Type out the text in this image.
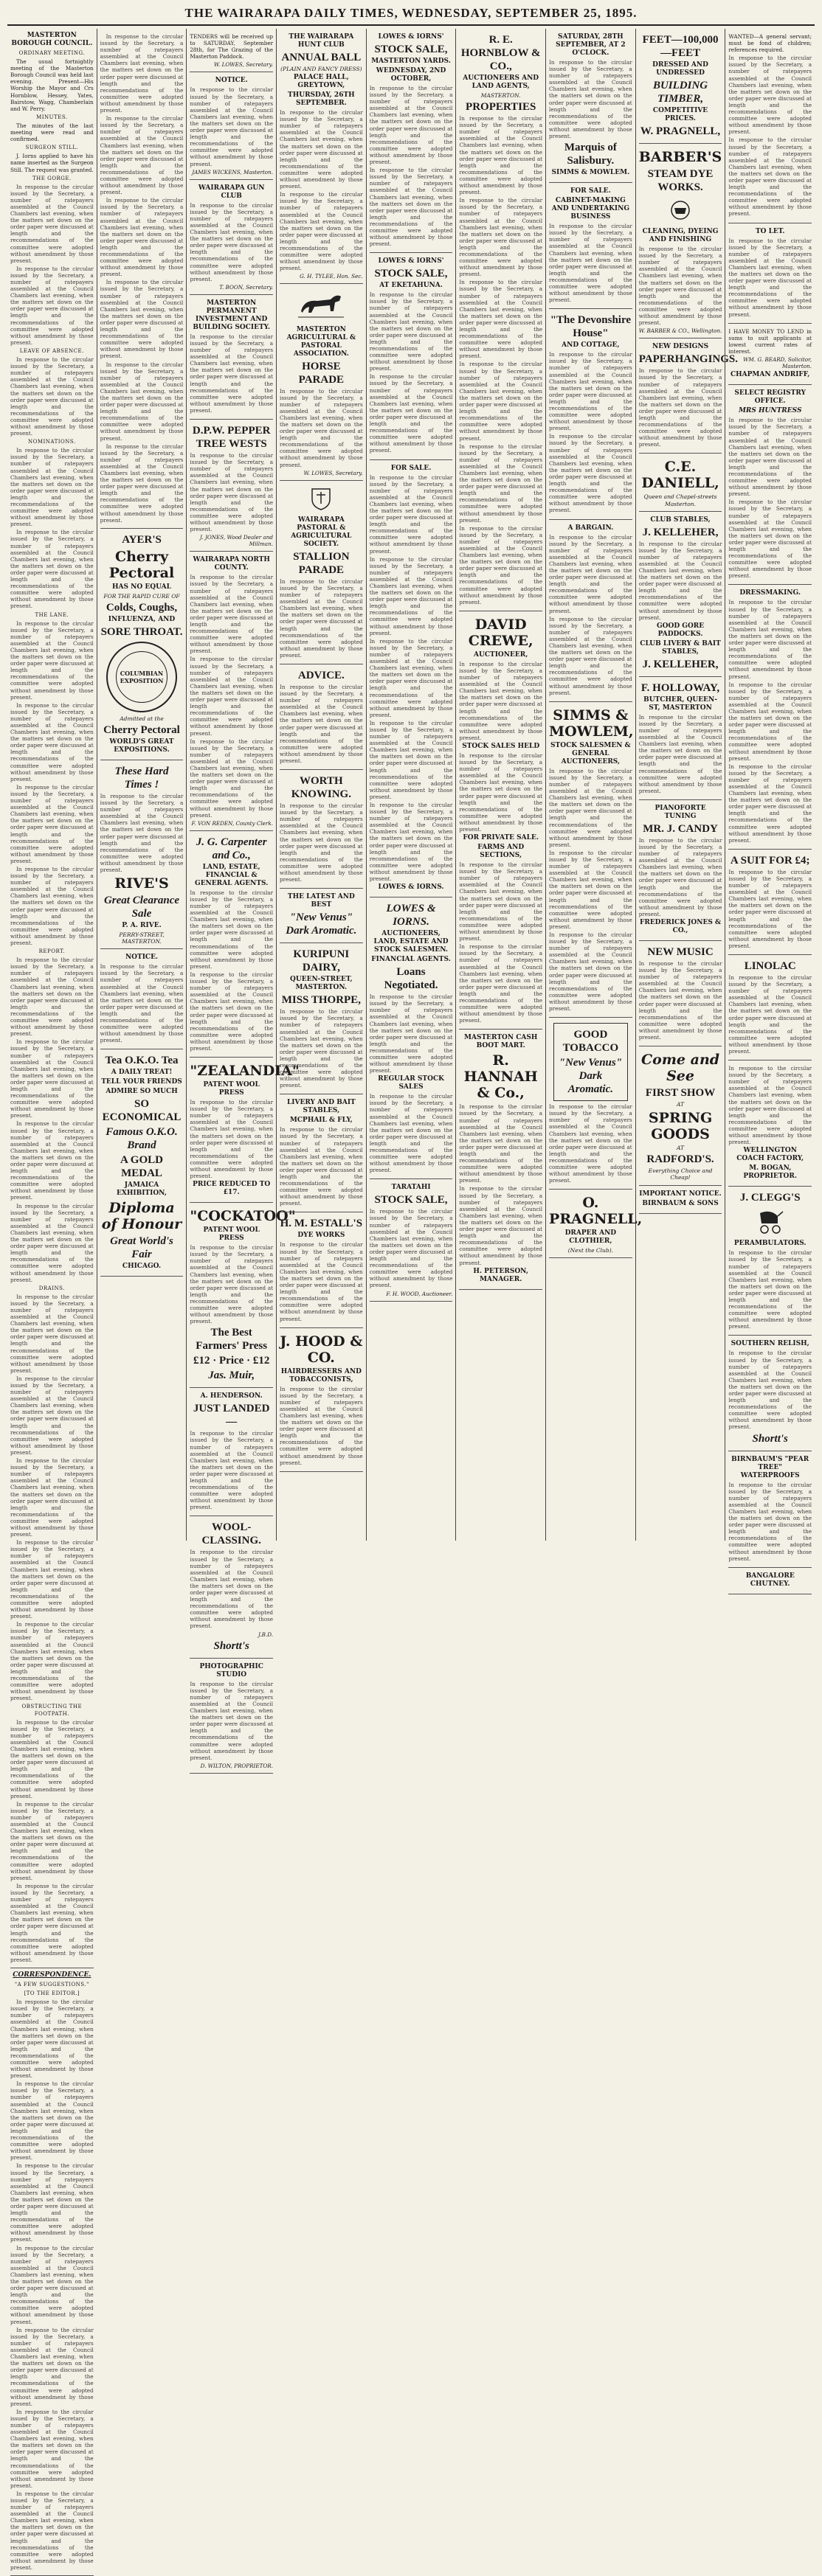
THE WAIRARAPA DAILY TIMES, WEDNESDAY, SEPTEMBER 25, 1895.
MASTERTON BOROUGH COUNCIL.
ORDINARY MEETING.

The usual fortnightly meeting of the Masterton Borough Council was held last evening. Present—His Worship the Mayor and Crs Hornblow, Hessey, Yates, Bairstow, Wagg, Chamberlain and W. Perry.

MINUTES.

The minutes of the last meeting were read and confirmed.

SURGEON STILL.

J. Iorns applied to have his name inserted as the Surgeon Still. The request was granted.

THE GORGE.

In response to the circular issued by the Secretary, a number of ratepayers assembled at the Council Chambers last evening, when the matters set down on the order paper were discussed at length and the recommendations of the committee were adopted without amendment by those present.

In response to the circular issued by the Secretary, a number of ratepayers assembled at the Council Chambers last evening, when the matters set down on the order paper were discussed at length and the recommendations of the committee were adopted without amendment by those present.

LEAVE OF ABSENCE.

In response to the circular issued by the Secretary, a number of ratepayers assembled at the Council Chambers last evening, when the matters set down on the order paper were discussed at length and the recommendations of the committee were adopted without amendment by those present.

NOMINATIONS.

In response to the circular issued by the Secretary, a number of ratepayers assembled at the Council Chambers last evening, when the matters set down on the order paper were discussed at length and the recommendations of the committee were adopted without amendment by those present.

In response to the circular issued by the Secretary, a number of ratepayers assembled at the Council Chambers last evening, when the matters set down on the order paper were discussed at length and the recommendations of the committee were adopted without amendment by those present.

THE LANE.

In response to the circular issued by the Secretary, a number of ratepayers assembled at the Council Chambers last evening, when the matters set down on the order paper were discussed at length and the recommendations of the committee were adopted without amendment by those present.

In response to the circular issued by the Secretary, a number of ratepayers assembled at the Council Chambers last evening, when the matters set down on the order paper were discussed at length and the recommendations of the committee were adopted without amendment by those present.

In response to the circular issued by the Secretary, a number of ratepayers assembled at the Council Chambers last evening, when the matters set down on the order paper were discussed at length and the recommendations of the committee were adopted without amendment by those present.

In response to the circular issued by the Secretary, a number of ratepayers assembled at the Council Chambers last evening, when the matters set down on the order paper were discussed at length and the recommendations of the committee were adopted without amendment by those present.

REPORT.

In response to the circular issued by the Secretary, a number of ratepayers assembled at the Council Chambers last evening, when the matters set down on the order paper were discussed at length and the recommendations of the committee were adopted without amendment by those present.

In response to the circular issued by the Secretary, a number of ratepayers assembled at the Council Chambers last evening, when the matters set down on the order paper were discussed at length and the recommendations of the committee were adopted without amendment by those present.

In response to the circular issued by the Secretary, a number of ratepayers assembled at the Council Chambers last evening, when the matters set down on the order paper were discussed at length and the recommendations of the committee were adopted without amendment by those present.

In response to the circular issued by the Secretary, a number of ratepayers assembled at the Council Chambers last evening, when the matters set down on the order paper were discussed at length and the recommendations of the committee were adopted without amendment by those present.

DRAINS.

In response to the circular issued by the Secretary, a number of ratepayers assembled at the Council Chambers last evening, when the matters set down on the order paper were discussed at length and the recommendations of the committee were adopted without amendment by those present.

In response to the circular issued by the Secretary, a number of ratepayers assembled at the Council Chambers last evening, when the matters set down on the order paper were discussed at length and the recommendations of the committee were adopted without amendment by those present.

In response to the circular issued by the Secretary, a number of ratepayers assembled at the Council Chambers last evening, when the matters set down on the order paper were discussed at length and the recommendations of the committee were adopted without amendment by those present.

In response to the circular issued by the Secretary, a number of ratepayers assembled at the Council Chambers last evening, when the matters set down on the order paper were discussed at length and the recommendations of the committee were adopted without amendment by those present.

In response to the circular issued by the Secretary, a number of ratepayers assembled at the Council Chambers last evening, when the matters set down on the order paper were discussed at length and the recommendations of the committee were adopted without amendment by those present.

OBSTRUCTING THE FOOTPATH.

In response to the circular issued by the Secretary, a number of ratepayers assembled at the Council Chambers last evening, when the matters set down on the order paper were discussed at length and the recommendations of the committee were adopted without amendment by those present.

In response to the circular issued by the Secretary, a number of ratepayers assembled at the Council Chambers last evening, when the matters set down on the order paper were discussed at length and the recommendations of the committee were adopted without amendment by those present.

In response to the circular issued by the Secretary, a number of ratepayers assembled at the Council Chambers last evening, when the matters set down on the order paper were discussed at length and the recommendations of the committee were adopted without amendment by those present.

CORRESPONDENCE.
"A FEW SUGGESTIONS."
[TO THE EDITOR.]

In response to the circular issued by the Secretary, a number of ratepayers assembled at the Council Chambers last evening, when the matters set down on the order paper were discussed at length and the recommendations of the committee were adopted without amendment by those present.

In response to the circular issued by the Secretary, a number of ratepayers assembled at the Council Chambers last evening, when the matters set down on the order paper were discussed at length and the recommendations of the committee were adopted without amendment by those present.

In response to the circular issued by the Secretary, a number of ratepayers assembled at the Council Chambers last evening, when the matters set down on the order paper were discussed at length and the recommendations of the committee were adopted without amendment by those present.

In response to the circular issued by the Secretary, a number of ratepayers assembled at the Council Chambers last evening, when the matters set down on the order paper were discussed at length and the recommendations of the committee were adopted without amendment by those present.

In response to the circular issued by the Secretary, a number of ratepayers assembled at the Council Chambers last evening, when the matters set down on the order paper were discussed at length and the recommendations of the committee were adopted without amendment by those present.

In response to the circular issued by the Secretary, a number of ratepayers assembled at the Council Chambers last evening, when the matters set down on the order paper were discussed at length and the recommendations of the committee were adopted without amendment by those present.

In response to the circular issued by the Secretary, a number of ratepayers assembled at the Council Chambers last evening, when the matters set down on the order paper were discussed at length and the recommendations of the committee were adopted without amendment by those present.

In response to the circular issued by the Secretary, a number of ratepayers assembled at the Council Chambers last evening, when the matters set down on the order paper were discussed at length and the recommendations of the committee were adopted without amendment by those present.

In response to the circular issued by the Secretary, a number of ratepayers assembled at the Council Chambers last evening, when the matters set down on the order paper were discussed at length and the recommendations of the committee were adopted without amendment by those present.

In response to the circular issued by the Secretary, a number of ratepayers assembled at the Council Chambers last evening, when the matters set down on the order paper were discussed at length and the recommendations of the committee were adopted without amendment by those present.

In response to the circular issued by the Secretary, a number of ratepayers assembled at the Council Chambers last evening, when the matters set down on the order paper were discussed at length and the recommendations of the committee were adopted without amendment by those present.

In response to the circular issued by the Secretary, a number of ratepayers assembled at the Council Chambers last evening, when the matters set down on the order paper were discussed at length and the recommendations of the committee were adopted without amendment by those present.

In response to the circular issued by the Secretary, a number of ratepayers assembled at the Council Chambers last evening, when the matters set down on the order paper were discussed at length and the recommendations of the committee were adopted without amendment by those present.

AYER'S
Cherry Pectoral
HAS NO EQUAL
FOR THE RAPID CURE OF
Colds, Coughs,
INFLUENZA, AND
SORE THROAT.
COLUMBIAN EXPOSITION
Admitted at the
Cherry Pectoral
WORLD'S GREAT EXPOSITIONS.
These Hard Times !

In response to the circular issued by the Secretary, a number of ratepayers assembled at the Council Chambers last evening, when the matters set down on the order paper were discussed at length and the recommendations of the committee were adopted without amendment by those present.

RIVE'S
Great Clearance Sale
P. A. RIVE.
PERRY-STREET, MASTERTON.
NOTICE.

In response to the circular issued by the Secretary, a number of ratepayers assembled at the Council Chambers last evening, when the matters set down on the order paper were discussed at length and the recommendations of the committee were adopted without amendment by those present.

Tea O.K.O. Tea
A DAILY TREAT!
TELL YOUR FRIENDS
ADMIRE SO MUCH
SO ECONOMICAL
Famous O.K.O. Brand
A GOLD MEDAL
JAMAICA EXHIBITION,
Diploma of Honour
Great World's Fair
CHICAGO.

TENDERS will be received up to SATURDAY, September 28th, for The Grazing of the Masterton Paddock.

W. LOWES, Secretary.
NOTICE.

In response to the circular issued by the Secretary, a number of ratepayers assembled at the Council Chambers last evening, when the matters set down on the order paper were discussed at length and the recommendations of the committee were adopted without amendment by those present.

JAMES WICKENS, Masterton.
WAIRARAPA GUN CLUB

In response to the circular issued by the Secretary, a number of ratepayers assembled at the Council Chambers last evening, when the matters set down on the order paper were discussed at length and the recommendations of the committee were adopted without amendment by those present.

T. BOON, Secretary.
MASTERTON PERMANENT INVESTMENT AND BUILDING SOCIETY.

In response to the circular issued by the Secretary, a number of ratepayers assembled at the Council Chambers last evening, when the matters set down on the order paper were discussed at length and the recommendations of the committee were adopted without amendment by those present.

D.P.W. PEPPER TREE WESTS

In response to the circular issued by the Secretary, a number of ratepayers assembled at the Council Chambers last evening, when the matters set down on the order paper were discussed at length and the recommendations of the committee were adopted without amendment by those present.

J. JONES, Wood Dealer and Millman.
WAIRARAPA NORTH COUNTY.

In response to the circular issued by the Secretary, a number of ratepayers assembled at the Council Chambers last evening, when the matters set down on the order paper were discussed at length and the recommendations of the committee were adopted without amendment by those present.

In response to the circular issued by the Secretary, a number of ratepayers assembled at the Council Chambers last evening, when the matters set down on the order paper were discussed at length and the recommendations of the committee were adopted without amendment by those present.

In response to the circular issued by the Secretary, a number of ratepayers assembled at the Council Chambers last evening, when the matters set down on the order paper were discussed at length and the recommendations of the committee were adopted without amendment by those present.

F. VON REDEN, County Clerk.
J. G. Carpenter and Co.,
LAND, ESTATE, FINANCIAL & GENERAL AGENTS.

In response to the circular issued by the Secretary, a number of ratepayers assembled at the Council Chambers last evening, when the matters set down on the order paper were discussed at length and the recommendations of the committee were adopted without amendment by those present.

In response to the circular issued by the Secretary, a number of ratepayers assembled at the Council Chambers last evening, when the matters set down on the order paper were discussed at length and the recommendations of the committee were adopted without amendment by those present.

"ZEALANDIA"
PATENT WOOL PRESS

In response to the circular issued by the Secretary, a number of ratepayers assembled at the Council Chambers last evening, when the matters set down on the order paper were discussed at length and the recommendations of the committee were adopted without amendment by those present.

PRICE REDUCED TO £17.
"COCKATOO"
PATENT WOOL PRESS

In response to the circular issued by the Secretary, a number of ratepayers assembled at the Council Chambers last evening, when the matters set down on the order paper were discussed at length and the recommendations of the committee were adopted without amendment by those present.

The Best Farmers' Press
£12 · Price · £12
Jas. Muir,
A. HENDERSON.
JUST LANDED—

In response to the circular issued by the Secretary, a number of ratepayers assembled at the Council Chambers last evening, when the matters set down on the order paper were discussed at length and the recommendations of the committee were adopted without amendment by those present.

WOOL-CLASSING.

In response to the circular issued by the Secretary, a number of ratepayers assembled at the Council Chambers last evening, when the matters set down on the order paper were discussed at length and the recommendations of the committee were adopted without amendment by those present.

J.B.D.
Shortt's
PHOTOGRAPHIC STUDIO

In response to the circular issued by the Secretary, a number of ratepayers assembled at the Council Chambers last evening, when the matters set down on the order paper were discussed at length and the recommendations of the committee were adopted without amendment by those present.

D. WILTON, PROPRIETOR.
THE WAIRARAPA HUNT CLUB
ANNUAL BALL
(PLAIN AND FANCY DRESS)
PALACE HALL, GREYTOWN,
THURSDAY, 26TH SEPTEMBER.

In response to the circular issued by the Secretary, a number of ratepayers assembled at the Council Chambers last evening, when the matters set down on the order paper were discussed at length and the recommendations of the committee were adopted without amendment by those present.

In response to the circular issued by the Secretary, a number of ratepayers assembled at the Council Chambers last evening, when the matters set down on the order paper were discussed at length and the recommendations of the committee were adopted without amendment by those present.

G. H. TYLEE, Hon. Sec.
MASTERTON AGRICULTURAL & PASTORAL ASSOCIATION.
HORSE PARADE

In response to the circular issued by the Secretary, a number of ratepayers assembled at the Council Chambers last evening, when the matters set down on the order paper were discussed at length and the recommendations of the committee were adopted without amendment by those present.

W. LOWES, Secretary.
WAIRARAPA PASTORAL & AGRICULTURAL SOCIETY.
STALLION PARADE

In response to the circular issued by the Secretary, a number of ratepayers assembled at the Council Chambers last evening, when the matters set down on the order paper were discussed at length and the recommendations of the committee were adopted without amendment by those present.

ADVICE.

In response to the circular issued by the Secretary, a number of ratepayers assembled at the Council Chambers last evening, when the matters set down on the order paper were discussed at length and the recommendations of the committee were adopted without amendment by those present.

WORTH KNOWING.

In response to the circular issued by the Secretary, a number of ratepayers assembled at the Council Chambers last evening, when the matters set down on the order paper were discussed at length and the recommendations of the committee were adopted without amendment by those present.

THE LATEST AND BEST
"New Venus" Dark Aromatic.
KURIPUNI DAIRY,
QUEEN-STREET, MASTERTON.
MISS THORPE,

In response to the circular issued by the Secretary, a number of ratepayers assembled at the Council Chambers last evening, when the matters set down on the order paper were discussed at length and the recommendations of the committee were adopted without amendment by those present.

LIVERY AND BAIT STABLES,
MCPHAIL & FLY,

In response to the circular issued by the Secretary, a number of ratepayers assembled at the Council Chambers last evening, when the matters set down on the order paper were discussed at length and the recommendations of the committee were adopted without amendment by those present.

H. M. ESTALL'S
DYE WORKS

In response to the circular issued by the Secretary, a number of ratepayers assembled at the Council Chambers last evening, when the matters set down on the order paper were discussed at length and the recommendations of the committee were adopted without amendment by those present.

J. HOOD & CO.
HAIRDRESSERS AND TOBACCONISTS,

In response to the circular issued by the Secretary, a number of ratepayers assembled at the Council Chambers last evening, when the matters set down on the order paper were discussed at length and the recommendations of the committee were adopted without amendment by those present.

LOWES & IORNS'
STOCK SALE,
MASTERTON YARDS.
WEDNESDAY, 2ND OCTOBER,

In response to the circular issued by the Secretary, a number of ratepayers assembled at the Council Chambers last evening, when the matters set down on the order paper were discussed at length and the recommendations of the committee were adopted without amendment by those present.

In response to the circular issued by the Secretary, a number of ratepayers assembled at the Council Chambers last evening, when the matters set down on the order paper were discussed at length and the recommendations of the committee were adopted without amendment by those present.

LOWES & IORNS'
STOCK SALE,
AT EKETAHUNA.

In response to the circular issued by the Secretary, a number of ratepayers assembled at the Council Chambers last evening, when the matters set down on the order paper were discussed at length and the recommendations of the committee were adopted without amendment by those present.

In response to the circular issued by the Secretary, a number of ratepayers assembled at the Council Chambers last evening, when the matters set down on the order paper were discussed at length and the recommendations of the committee were adopted without amendment by those present.

FOR SALE.

In response to the circular issued by the Secretary, a number of ratepayers assembled at the Council Chambers last evening, when the matters set down on the order paper were discussed at length and the recommendations of the committee were adopted without amendment by those present.

In response to the circular issued by the Secretary, a number of ratepayers assembled at the Council Chambers last evening, when the matters set down on the order paper were discussed at length and the recommendations of the committee were adopted without amendment by those present.

In response to the circular issued by the Secretary, a number of ratepayers assembled at the Council Chambers last evening, when the matters set down on the order paper were discussed at length and the recommendations of the committee were adopted without amendment by those present.

In response to the circular issued by the Secretary, a number of ratepayers assembled at the Council Chambers last evening, when the matters set down on the order paper were discussed at length and the recommendations of the committee were adopted without amendment by those present.

In response to the circular issued by the Secretary, a number of ratepayers assembled at the Council Chambers last evening, when the matters set down on the order paper were discussed at length and the recommendations of the committee were adopted without amendment by those present.

LOWES & IORNS.
LOWES & IORNS.
AUCTIONEERS, LAND, ESTATE AND STOCK SALESMEN.
FINANCIAL AGENTS.
Loans Negotiated.

In response to the circular issued by the Secretary, a number of ratepayers assembled at the Council Chambers last evening, when the matters set down on the order paper were discussed at length and the recommendations of the committee were adopted without amendment by those present.

REGULAR STOCK SALES

In response to the circular issued by the Secretary, a number of ratepayers assembled at the Council Chambers last evening, when the matters set down on the order paper were discussed at length and the recommendations of the committee were adopted without amendment by those present.

TARATAHI
STOCK SALE,

In response to the circular issued by the Secretary, a number of ratepayers assembled at the Council Chambers last evening, when the matters set down on the order paper were discussed at length and the recommendations of the committee were adopted without amendment by those present.

F. H. WOOD, Auctioneer.
R. E. HORNBLOW & CO.,
AUCTIONEERS AND LAND AGENTS,
MASTERTON.
PROPERTIES

In response to the circular issued by the Secretary, a number of ratepayers assembled at the Council Chambers last evening, when the matters set down on the order paper were discussed at length and the recommendations of the committee were adopted without amendment by those present.

In response to the circular issued by the Secretary, a number of ratepayers assembled at the Council Chambers last evening, when the matters set down on the order paper were discussed at length and the recommendations of the committee were adopted without amendment by those present.

In response to the circular issued by the Secretary, a number of ratepayers assembled at the Council Chambers last evening, when the matters set down on the order paper were discussed at length and the recommendations of the committee were adopted without amendment by those present.

In response to the circular issued by the Secretary, a number of ratepayers assembled at the Council Chambers last evening, when the matters set down on the order paper were discussed at length and the recommendations of the committee were adopted without amendment by those present.

In response to the circular issued by the Secretary, a number of ratepayers assembled at the Council Chambers last evening, when the matters set down on the order paper were discussed at length and the recommendations of the committee were adopted without amendment by those present.

In response to the circular issued by the Secretary, a number of ratepayers assembled at the Council Chambers last evening, when the matters set down on the order paper were discussed at length and the recommendations of the committee were adopted without amendment by those present.

DAVID CREWE,
AUCTIONEER,

In response to the circular issued by the Secretary, a number of ratepayers assembled at the Council Chambers last evening, when the matters set down on the order paper were discussed at length and the recommendations of the committee were adopted without amendment by those present.

STOCK SALES HELD

In response to the circular issued by the Secretary, a number of ratepayers assembled at the Council Chambers last evening, when the matters set down on the order paper were discussed at length and the recommendations of the committee were adopted without amendment by those present.

FOR PRIVATE SALE.
FARMS AND SECTIONS,

In response to the circular issued by the Secretary, a number of ratepayers assembled at the Council Chambers last evening, when the matters set down on the order paper were discussed at length and the recommendations of the committee were adopted without amendment by those present.

In response to the circular issued by the Secretary, a number of ratepayers assembled at the Council Chambers last evening, when the matters set down on the order paper were discussed at length and the recommendations of the committee were adopted without amendment by those present.

MASTERTON CASH BOOT MART.
R. HANNAH & Co.,

In response to the circular issued by the Secretary, a number of ratepayers assembled at the Council Chambers last evening, when the matters set down on the order paper were discussed at length and the recommendations of the committee were adopted without amendment by those present.

In response to the circular issued by the Secretary, a number of ratepayers assembled at the Council Chambers last evening, when the matters set down on the order paper were discussed at length and the recommendations of the committee were adopted without amendment by those present.

H. PETERSON, MANAGER.
SATURDAY, 28TH SEPTEMBER, AT 2 O'CLOCK.

In response to the circular issued by the Secretary, a number of ratepayers assembled at the Council Chambers last evening, when the matters set down on the order paper were discussed at length and the recommendations of the committee were adopted without amendment by those present.

Marquis of Salisbury.
SIMMS & MOWLEM.
FOR SALE.
CABINET-MAKING AND UNDERTAKING BUSINESS

In response to the circular issued by the Secretary, a number of ratepayers assembled at the Council Chambers last evening, when the matters set down on the order paper were discussed at length and the recommendations of the committee were adopted without amendment by those present.

"The Devonshire House"
AND COTTAGE,

In response to the circular issued by the Secretary, a number of ratepayers assembled at the Council Chambers last evening, when the matters set down on the order paper were discussed at length and the recommendations of the committee were adopted without amendment by those present.

In response to the circular issued by the Secretary, a number of ratepayers assembled at the Council Chambers last evening, when the matters set down on the order paper were discussed at length and the recommendations of the committee were adopted without amendment by those present.

A BARGAIN.

In response to the circular issued by the Secretary, a number of ratepayers assembled at the Council Chambers last evening, when the matters set down on the order paper were discussed at length and the recommendations of the committee were adopted without amendment by those present.

In response to the circular issued by the Secretary, a number of ratepayers assembled at the Council Chambers last evening, when the matters set down on the order paper were discussed at length and the recommendations of the committee were adopted without amendment by those present.

SIMMS & MOWLEM,
STOCK SALESMEN & GENERAL AUCTIONEERS,

In response to the circular issued by the Secretary, a number of ratepayers assembled at the Council Chambers last evening, when the matters set down on the order paper were discussed at length and the recommendations of the committee were adopted without amendment by those present.

In response to the circular issued by the Secretary, a number of ratepayers assembled at the Council Chambers last evening, when the matters set down on the order paper were discussed at length and the recommendations of the committee were adopted without amendment by those present.

In response to the circular issued by the Secretary, a number of ratepayers assembled at the Council Chambers last evening, when the matters set down on the order paper were discussed at length and the recommendations of the committee were adopted without amendment by those present.

GOOD TOBACCO
"New Venus" Dark Aromatic.

In response to the circular issued by the Secretary, a number of ratepayers assembled at the Council Chambers last evening, when the matters set down on the order paper were discussed at length and the recommendations of the committee were adopted without amendment by those present.

O. PRAGNELL,
DRAPER AND CLOTHIER,
(Next the Club).
FEET—100,000—FEET
DRESSED AND UNDRESSED
BUILDING TIMBER,
COMPETITIVE PRICES.
W. PRAGNELL,
BARBER'S
STEAM DYE WORKS.
CLEANING, DYEING AND FINISHING

In response to the circular issued by the Secretary, a number of ratepayers assembled at the Council Chambers last evening, when the matters set down on the order paper were discussed at length and the recommendations of the committee were adopted without amendment by those present.

W. BARBER & CO., Wellington.
NEW DESIGNS
PAPERHANGINGS.

In response to the circular issued by the Secretary, a number of ratepayers assembled at the Council Chambers last evening, when the matters set down on the order paper were discussed at length and the recommendations of the committee were adopted without amendment by those present.

C.E. DANIELL,
Queen and Chapel-streets Masterton.
CLUB STABLES,
J. KELLEHER,

In response to the circular issued by the Secretary, a number of ratepayers assembled at the Council Chambers last evening, when the matters set down on the order paper were discussed at length and the recommendations of the committee were adopted without amendment by those present.

GOOD GORE PADDOCKS.
CLUB LIVERY & BAIT STABLES,
J. KELLEHER,
F. HOLLOWAY,
BUTCHER, QUEEN-ST, MASTERTON

In response to the circular issued by the Secretary, a number of ratepayers assembled at the Council Chambers last evening, when the matters set down on the order paper were discussed at length and the recommendations of the committee were adopted without amendment by those present.

PIANOFORTE TUNING
MR. J. CANDY

In response to the circular issued by the Secretary, a number of ratepayers assembled at the Council Chambers last evening, when the matters set down on the order paper were discussed at length and the recommendations of the committee were adopted without amendment by those present.

FREDERICK JONES & CO.,
NEW MUSIC

In response to the circular issued by the Secretary, a number of ratepayers assembled at the Council Chambers last evening, when the matters set down on the order paper were discussed at length and the recommendations of the committee were adopted without amendment by those present.

Come and See
FIRST SHOW
AT
SPRING GOODS
AT
RADFORD'S.
Everything Choice and Cheap!
IMPORTANT NOTICE.
BIRNBAUM & SONS

WANTED—A general servant; must be fond of children; references required.

In response to the circular issued by the Secretary, a number of ratepayers assembled at the Council Chambers last evening, when the matters set down on the order paper were discussed at length and the recommendations of the committee were adopted without amendment by those present.

In response to the circular issued by the Secretary, a number of ratepayers assembled at the Council Chambers last evening, when the matters set down on the order paper were discussed at length and the recommendations of the committee were adopted without amendment by those present.

TO LET.

In response to the circular issued by the Secretary, a number of ratepayers assembled at the Council Chambers last evening, when the matters set down on the order paper were discussed at length and the recommendations of the committee were adopted without amendment by those present.

I HAVE MONEY TO LEND in sums to suit applicants at lowest current rates of interest.

WM. G. BEARD, Solicitor, Masterton.
CHAPMAN ANDRIFF,
SELECT REGISTRY OFFICE.
MRS HUNTRESS

In response to the circular issued by the Secretary, a number of ratepayers assembled at the Council Chambers last evening, when the matters set down on the order paper were discussed at length and the recommendations of the committee were adopted without amendment by those present.

In response to the circular issued by the Secretary, a number of ratepayers assembled at the Council Chambers last evening, when the matters set down on the order paper were discussed at length and the recommendations of the committee were adopted without amendment by those present.

DRESSMAKING.

In response to the circular issued by the Secretary, a number of ratepayers assembled at the Council Chambers last evening, when the matters set down on the order paper were discussed at length and the recommendations of the committee were adopted without amendment by those present.

In response to the circular issued by the Secretary, a number of ratepayers assembled at the Council Chambers last evening, when the matters set down on the order paper were discussed at length and the recommendations of the committee were adopted without amendment by those present.

In response to the circular issued by the Secretary, a number of ratepayers assembled at the Council Chambers last evening, when the matters set down on the order paper were discussed at length and the recommendations of the committee were adopted without amendment by those present.

A SUIT FOR £4;

In response to the circular issued by the Secretary, a number of ratepayers assembled at the Council Chambers last evening, when the matters set down on the order paper were discussed at length and the recommendations of the committee were adopted without amendment by those present.

LINOLAC

In response to the circular issued by the Secretary, a number of ratepayers assembled at the Council Chambers last evening, when the matters set down on the order paper were discussed at length and the recommendations of the committee were adopted without amendment by those present.

In response to the circular issued by the Secretary, a number of ratepayers assembled at the Council Chambers last evening, when the matters set down on the order paper were discussed at length and the recommendations of the committee were adopted without amendment by those present.

WELLINGTON COACH FACTORY,
M. BOGAN, PROPRIETOR.
J. CLEGG'S
PERAMBULATORS.

In response to the circular issued by the Secretary, a number of ratepayers assembled at the Council Chambers last evening, when the matters set down on the order paper were discussed at length and the recommendations of the committee were adopted without amendment by those present.

SOUTHERN RELISH,

In response to the circular issued by the Secretary, a number of ratepayers assembled at the Council Chambers last evening, when the matters set down on the order paper were discussed at length and the recommendations of the committee were adopted without amendment by those present.

Shortt's
BIRNBAUM'S "PEAR TREE" WATERPROOFS

In response to the circular issued by the Secretary, a number of ratepayers assembled at the Council Chambers last evening, when the matters set down on the order paper were discussed at length and the recommendations of the committee were adopted without amendment by those present.

BANGALORE CHUTNEY.
